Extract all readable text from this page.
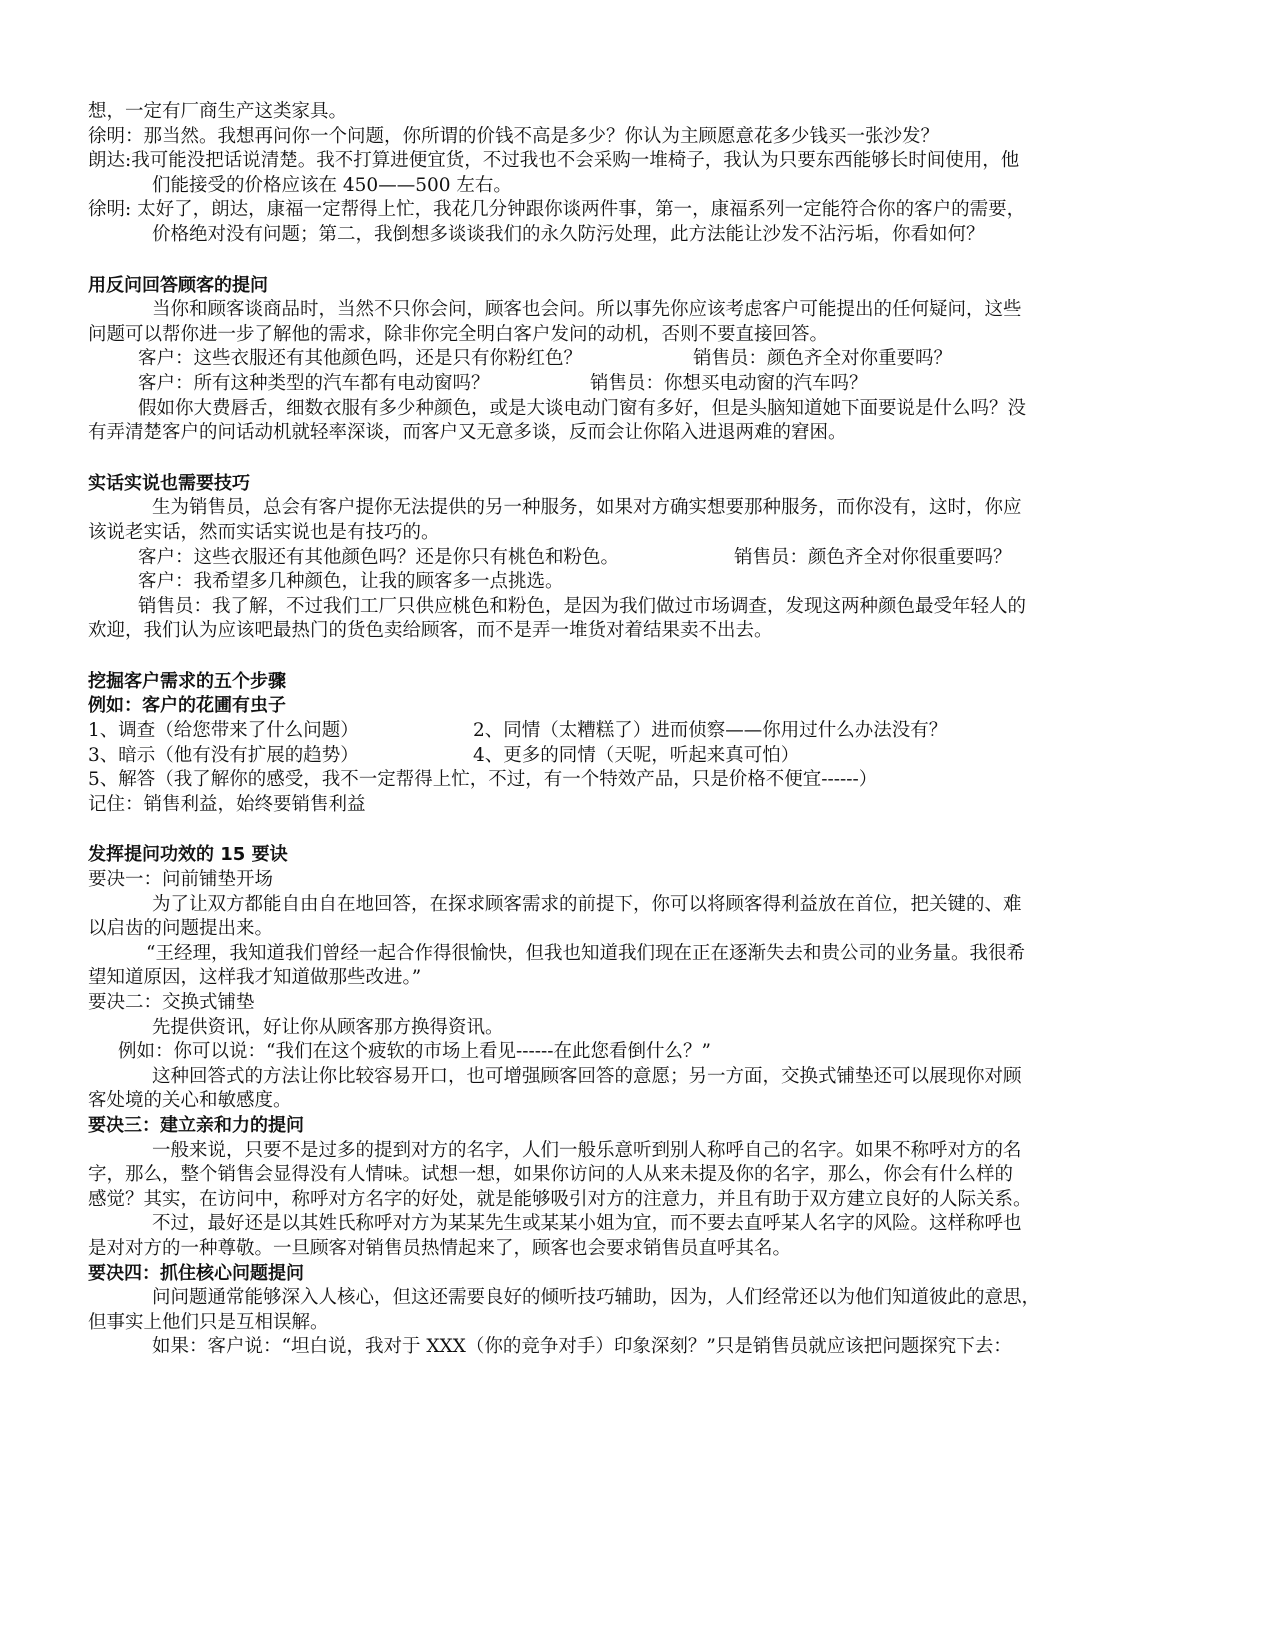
想，一定有厂商生产这类家具。
徐明：那当然。我想再问你一个问题，你所谓的价钱不高是多少？你认为主顾愿意花多少钱买一张沙发？
朗达:我可能没把话说清楚。我不打算进便宜货，不过我也不会采购一堆椅子，我认为只要东西能够长时间使用，他
们能接受的价格应该在 450——500 左右。
徐明: 太好了，朗达，康福一定帮得上忙，我花几分钟跟你谈两件事，第一，康福系列一定能符合你的客户的需要，
价格绝对没有问题；第二，我倒想多谈谈我们的永久防污处理，此方法能让沙发不沾污垢，你看如何？
用反问回答顾客的提问
当你和顾客谈商品时，当然不只你会问，顾客也会问。所以事先你应该考虑客户可能提出的任何疑问，这些
问题可以帮你进一步了解他的需求，除非你完全明白客户发问的动机，否则不要直接回答。
客户：这些衣服还有其他颜色吗，还是只有你粉红色？	销售员：颜色齐全对你重要吗？
客户：所有这种类型的汽车都有电动窗吗？	销售员：你想买电动窗的汽车吗？
假如你大费唇舌，细数衣服有多少种颜色，或是大谈电动门窗有多好，但是头脑知道她下面要说是什么吗？没
有弄清楚客户的问话动机就轻率深谈，而客户又无意多谈，反而会让你陷入进退两难的窘困。
实话实说也需要技巧
生为销售员，总会有客户提你无法提供的另一种服务，如果对方确实想要那种服务，而你没有，这时，你应
该说老实话，然而实话实说也是有技巧的。
客户：这些衣服还有其他颜色吗？还是你只有桃色和粉色。	销售员：颜色齐全对你很重要吗？
客户：我希望多几种颜色，让我的顾客多一点挑选。
销售员：我了解，不过我们工厂只供应桃色和粉色，是因为我们做过市场调查，发现这两种颜色最受年轻人的
欢迎，我们认为应该吧最热门的货色卖给顾客，而不是弄一堆货对着结果卖不出去。
挖掘客户需求的五个步骤
例如：客户的花圃有虫子
1、调查（给您带来了什么问题）	2、同情（太糟糕了）进而侦察——你用过什么办法没有？
3、暗示（他有没有扩展的趋势）	4、更多的同情（天呢，听起来真可怕）
5、解答（我了解你的感受，我不一定帮得上忙，不过，有一个特效产品，只是价格不便宜------）
记住：销售利益，始终要销售利益
发挥提问功效的 15 要诀
要决一：问前铺垫开场
为了让双方都能自由自在地回答，在探求顾客需求的前提下，你可以将顾客得利益放在首位，把关键的、难
以启齿的问题提出来。
“王经理，我知道我们曾经一起合作得很愉快，但我也知道我们现在正在逐渐失去和贵公司的业务量。我很希
望知道原因，这样我才知道做那些改进。”
要决二：交换式铺垫
先提供资讯，好让你从顾客那方换得资讯。
例如：你可以说：“我们在这个疲软的市场上看见------在此您看倒什么？”
这种回答式的方法让你比较容易开口，也可增强顾客回答的意愿；另一方面，交换式铺垫还可以展现你对顾
客处境的关心和敏感度。
要决三：建立亲和力的提问
一般来说，只要不是过多的提到对方的名字，人们一般乐意听到别人称呼自己的名字。如果不称呼对方的名
字，那么，整个销售会显得没有人情味。试想一想，如果你访问的人从来未提及你的名字，那么，你会有什么样的
感觉？其实，在访问中，称呼对方名字的好处，就是能够吸引对方的注意力，并且有助于双方建立良好的人际关系。
不过，最好还是以其姓氏称呼对方为某某先生或某某小姐为宜，而不要去直呼某人名字的风险。这样称呼也
是对对方的一种尊敬。一旦顾客对销售员热情起来了，顾客也会要求销售员直呼其名。
要决四：抓住核心问题提问
问问题通常能够深入人核心，但这还需要良好的倾听技巧辅助，因为，人们经常还以为他们知道彼此的意思，
但事实上他们只是互相误解。
如果：客户说：“坦白说，我对于 XXX（你的竞争对手）印象深刻？”只是销售员就应该把问题探究下去：
